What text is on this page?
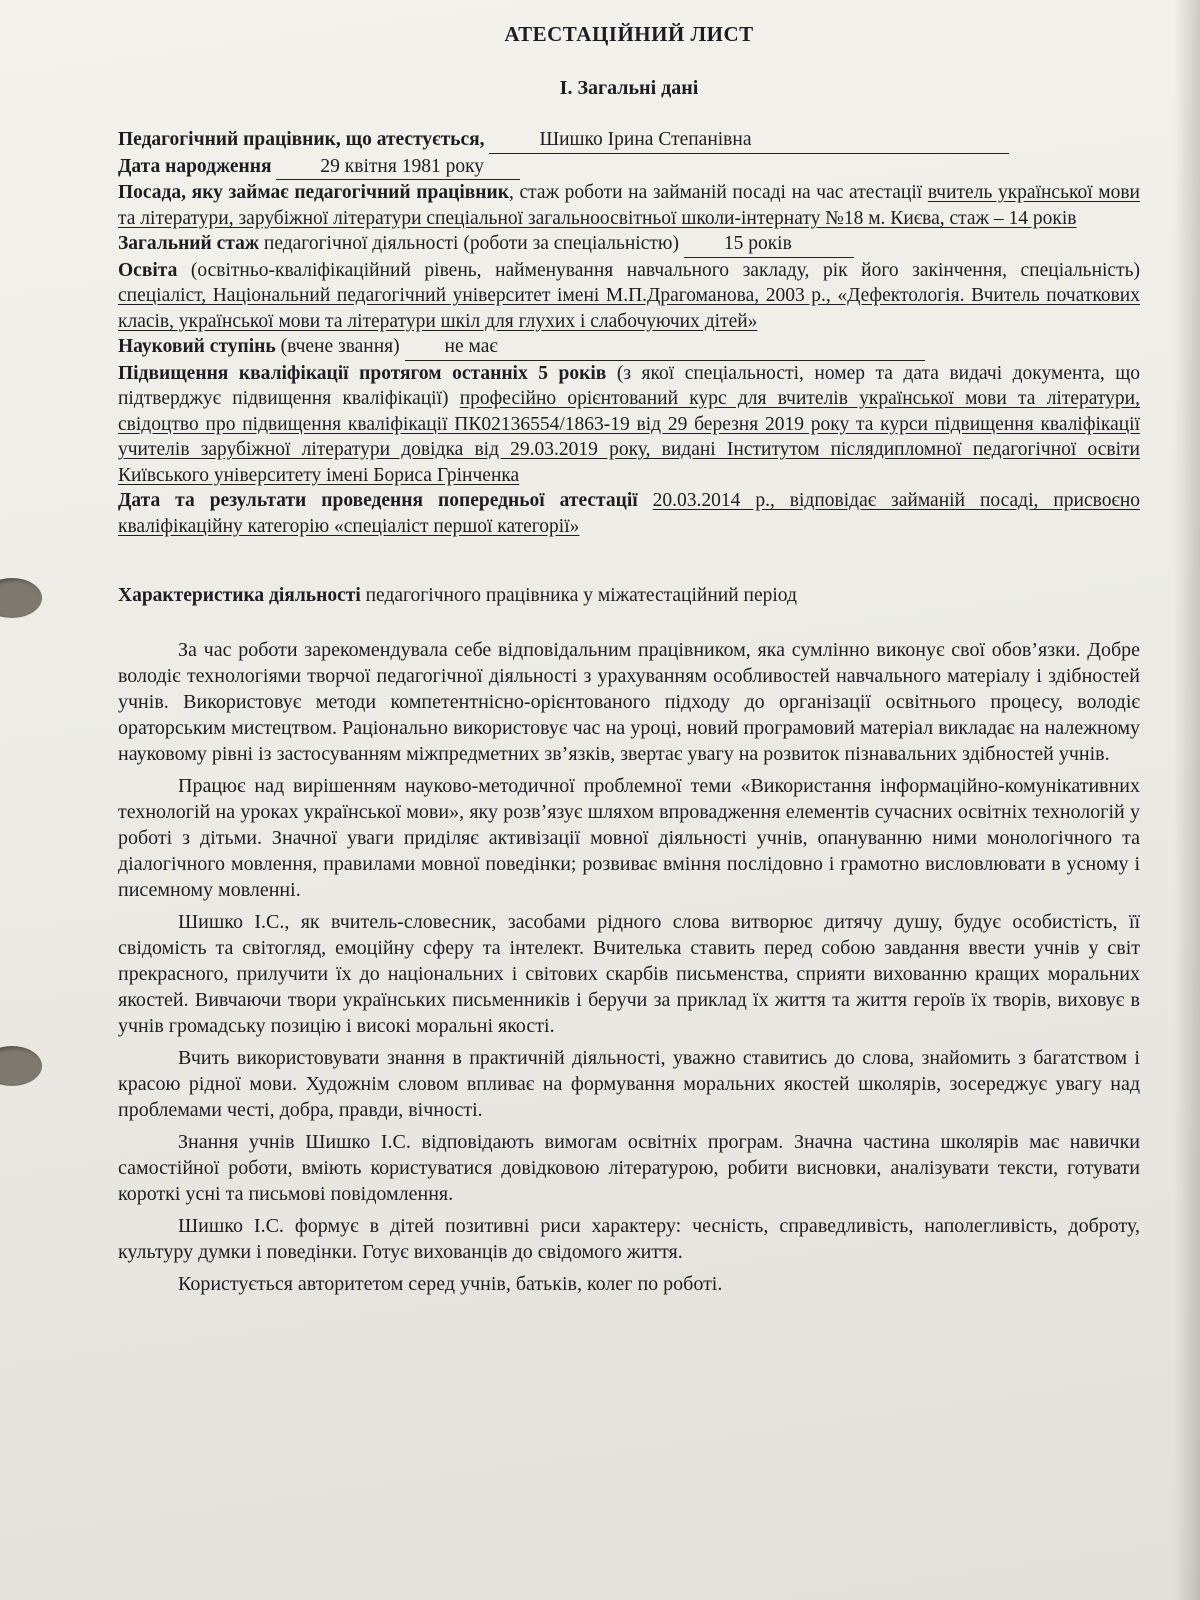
АТЕСТАЦІЙНИЙ ЛИСТ
І. Загальні дані

Педагогічний працівник, що атестується,	Шишко Ірина Степанівна

Дата народження	29 квітня 1981 року

Посада, яку займає педагогічний працівник, стаж роботи на займаній посаді на час атестації вчитель української мови та літератури, зарубіжної літератури спеціальної загальноосвітньої школи-інтернату №18 м. Києва, стаж – 14 років

Загальний стаж педагогічної діяльності (роботи за спеціальністю) 15 років

Освіта (освітньо-кваліфікаційний рівень, найменування навчального закладу, рік його закінчення, спеціальність) спеціаліст, Національний педагогічний університет імені М.П.Драгоманова, 2003 р., «Дефектологія. Вчитель початкових класів, української мови та літератури шкіл для глухих і слабочуючих дітей»

Науковий ступінь (вчене звання) не має

Підвищення кваліфікації протягом останніх 5 років (з якої спеціальності, номер та дата видачі документа, що підтверджує підвищення кваліфікації) професійно орієнтований курс для вчителів української мови та літератури, свідоцтво про підвищення кваліфікації ПК02136554/1863-19 від 29 березня 2019 року та курси підвищення кваліфікації учителів зарубіжної літератури довідка від 29.03.2019 року, видані Інститутом післядипломної педагогічної освіти Київського університету імені Бориса Грінченка

Дата та результати проведення попередньої атестації 20.03.2014 р., відповідає займаній посаді, присвоєно кваліфікаційну категорію «спеціаліст першої категорії»

Характеристика діяльності педагогічного працівника у міжатестаційний період

За час роботи зарекомендувала себе відповідальним працівником, яка сумлінно виконує свої обов’язки. Добре володіє технологіями творчої педагогічної діяльності з урахуванням особливостей навчального матеріалу і здібностей учнів. Використовує методи компетентнісно-орієнтованого підходу до організації освітнього процесу, володіє ораторським мистецтвом. Раціонально використовує час на уроці, новий програмовий матеріал викладає на належному науковому рівні із застосуванням міжпредметних зв’язків, звертає увагу на розвиток пізнавальних здібностей учнів.

Працює над вирішенням науково-методичної проблемної теми «Використання інформаційно-комунікативних технологій на уроках української мови», яку розв’язує шляхом впровадження елементів сучасних освітніх технологій у роботі з дітьми. Значної уваги приділяє активізації мовної діяльності учнів, опануванню ними монологічного та діалогічного мовлення, правилами мовної поведінки; розвиває вміння послідовно і грамотно висловлювати в усному і писемному мовленні.

Шишко І.С., як вчитель-словесник, засобами рідного слова витворює дитячу душу, будує особистість, її свідомість та світогляд, емоційну сферу та інтелект. Вчителька ставить перед собою завдання ввести учнів у світ прекрасного, прилучити їх до національних і світових скарбів письменства, сприяти вихованню кращих моральних якостей. Вивчаючи твори українських письменників і беручи за приклад їх життя та життя героїв їх творів, виховує в учнів громадську позицію і високі моральні якості.

Вчить використовувати знання в практичній діяльності, уважно ставитись до слова, знайомить з багатством і красою рідної мови. Художнім словом впливає на формування моральних якостей школярів, зосереджує увагу над проблемами честі, добра, правди, вічності.

Знання учнів Шишко І.С. відповідають вимогам освітніх програм. Значна частина школярів має навички самостійної роботи, вміють користуватися довідковою літературою, робити висновки, аналізувати тексти, готувати короткі усні та письмові повідомлення.

Шишко І.С. формує в дітей позитивні риси характеру: чесність, справедливість, наполегливість, доброту, культуру думки і поведінки. Готує вихованців до свідомого життя.

Користується авторитетом серед учнів, батьків, колег по роботі.
